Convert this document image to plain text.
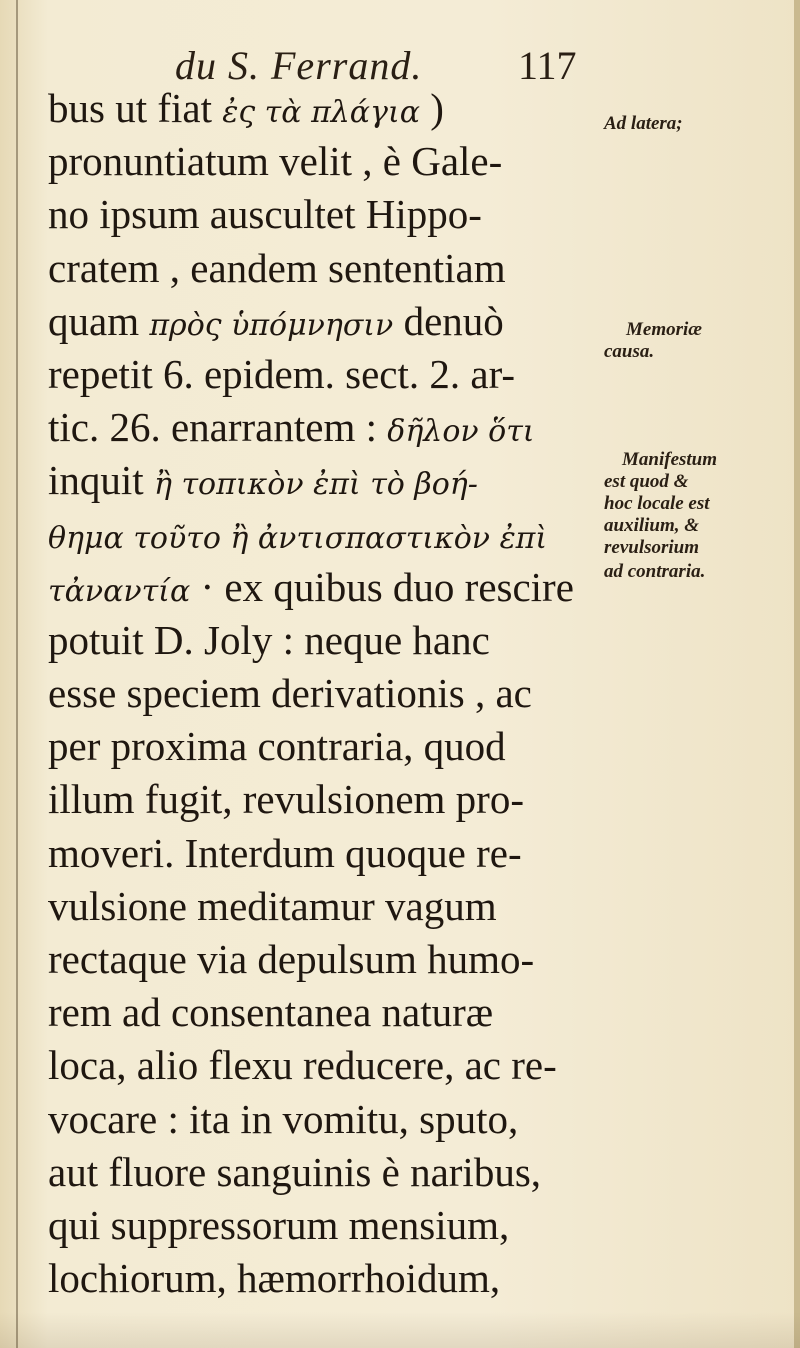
du S. Ferrand. 117
bus ut fiat ἐς τὰ πλάγια )
pronuntiatum velit , è Gale-
no ipsum auscultet Hippo-
cratem , eandem sententiam
quam πρὸς ὑπόμνησιν denuò
repetit 6. epidem. sect. 2. ar-
tic. 26. enarrantem : δῆλον ὅτι
inquit ἢ τοπικὸν ἐπὶ τὸ βοή-
θημα τοῦτο ἢ ἀντισπαστικὸν ἐπὶ
τἀναντία · ex quibus duo rescire
potuit D. Joly : neque hanc
esse speciem derivationis , ac
per proxima contraria, quod
illum fugit, revulsionem pro-
moveri. Interdum quoque re-
vulsione meditamur vagum
rectaque via depulsum humo-
rem ad consentanea naturæ
loca, alio flexu reducere, ac re-
vocare : ita in vomitu, sputo,
aut fluore sanguinis è naribus,
qui suppressorum mensium,
lochiorum, hæmorrhoidum,
Ad latera;
Memoriæ
causa.
Manifestum
est quod &
hoc locale est
auxilium, &
revulsorium
ad contraria.
